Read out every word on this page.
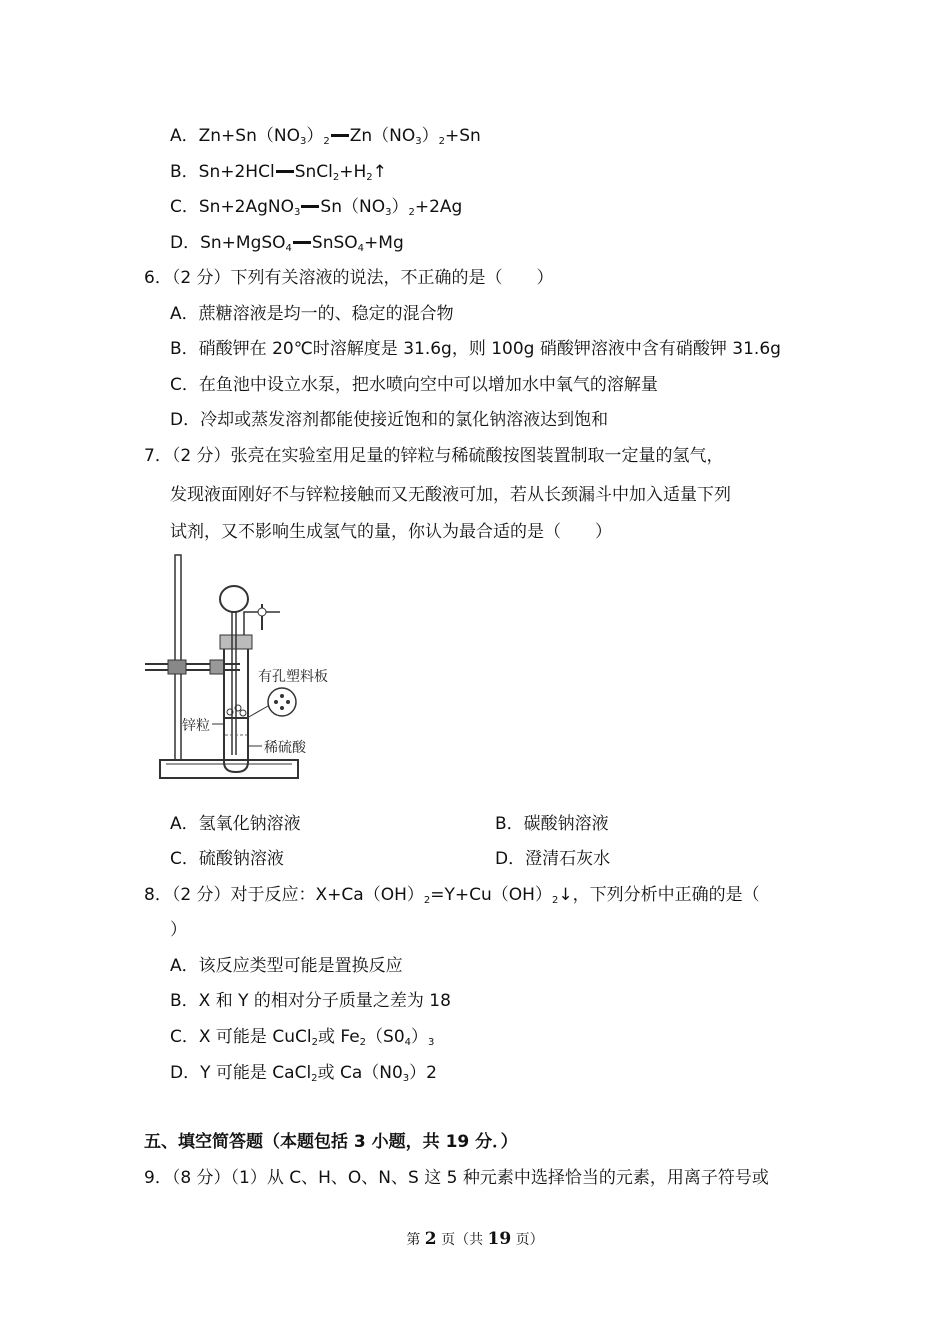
A．$Zn+Sn(NO_3)_2$ $Zn(NO_3)_2+Sn$
B．Sn+2HCl $SnCl_2+H_2↑$
C．Sn+2AgNO$_3$ $Sn(NO_3)_2+2Ag$
D．Sn+MgSO$_4$ SnSO$_4$+Mg
6．（2 分）下列有关溶液的说法，不正确的是（　　）
A．蔗糖溶液是均一的、稳定的混合物
B．硝酸钾在 20℃时溶解度是 31.6g，则 100g 硝酸钾溶液中含有硝酸钾 31.6g
C．在鱼池中设立水泵，把水喷向空中可以增加水中氧气的溶解量
D．冷却或蒸发溶剂都能使接近饱和的氯化钠溶液达到饱和
7．（2 分）张亮在实验室用足量的锌粒与稀硫酸按图装置制取一定量的氢气，
发现液面刚好不与锌粒接触而又无酸液可加，若从长颈漏斗中加入适量下列
试剂，又不影响生成氢气的量，你认为最合适的是（　　）
有孔塑料板
锌粒
稀硫酸
A．氢氧化钠溶液	B．碳酸钠溶液
C．硫酸钠溶液	D．澄清石灰水
8．（2 分）对于反应：$X+Ca(OH)_2=Y+Cu(OH)_2↓$，下列分析中正确的是（
）
A．该反应类型可能是置换反应
B．X 和 Y 的相对分子质量之差为 18
C．X 可能是 CuCl$_2$或 $Fe_2(S0_4)_3$
D．Y 可能是 CaCl$_2$或 $Ca(N0_3)2$
五、填空简答题（本题包括 3 小题，共 19 分．）
9．（8 分）（1）从 C、H、O、N、S 这 5 种元素中选择恰当的元素，用离子符号或
第 2 页（共 19 页）
